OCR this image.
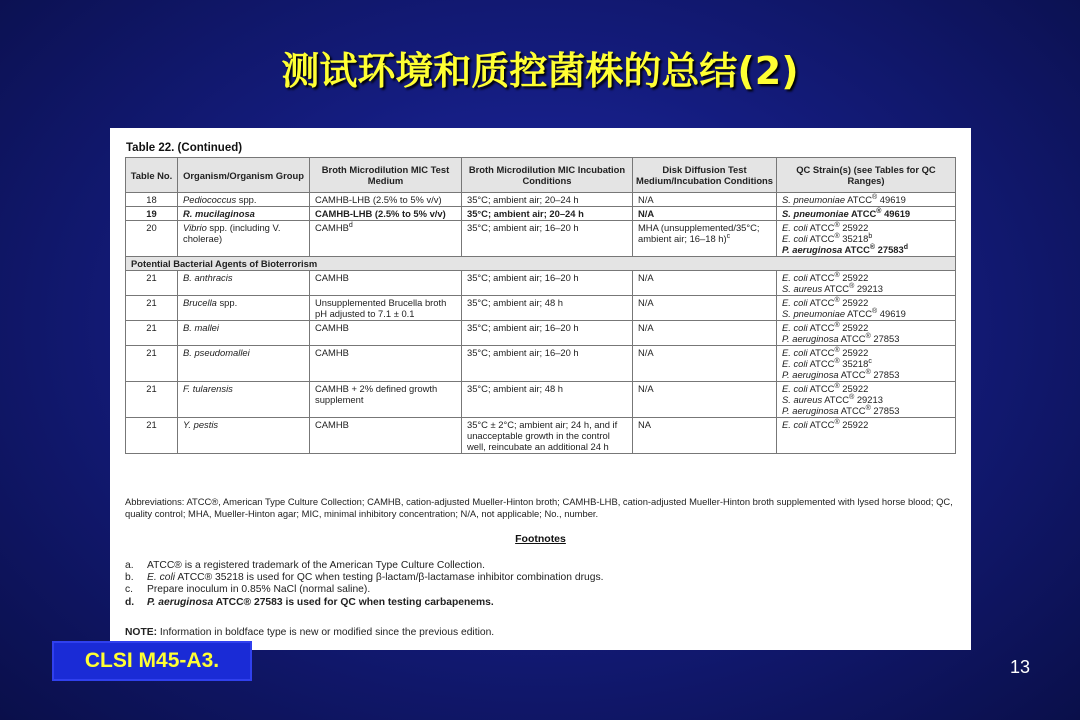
测试环境和质控菌株的总结(2)
Table 22. (Continued)
Table No.	Organism/Organism Group	Broth Microdilution MIC Test Medium	Broth Microdilution MIC Incubation Conditions	Disk Diffusion Test Medium/Incubation Conditions	QC Strain(s) (see Tables for QC Ranges)
18	Pediococcus spp.	CAMHB-LHB (2.5% to 5% v/v)	35°C; ambient air; 20–24 h	N/A	S. pneumoniae ATCC® 49619

19	R. mucilaginosa	CAMHB-LHB (2.5% to 5% v/v)	35°C; ambient air; 20–24 h	N/A	S. pneumoniae ATCC® 49619

20	Vibrio spp. (including V. cholerae)	CAMHB$^d$	35°C; ambient air; 16–20 h	MHA (unsupplemented/35°C; ambient air; 16–18 h)$^c$	E. coli ATCC® 25922
E. coli ATCC® 35218$^b$
P. aeruginosa ATCC® 27583$^d$

Potential Bacterial Agents of Bioterrorism					
21	B. anthracis	CAMHB	35°C; ambient air; 16–20 h	N/A	E. coli ATCC® 25922
S. aureus ATCC® 29213

21	Brucella spp.	Unsupplemented Brucella broth pH adjusted to 7.1 ± 0.1	35°C; ambient air; 48 h	N/A	E. coli ATCC® 25922
S. pneumoniae ATCC® 49619

21	B. mallei	CAMHB	35°C; ambient air; 16–20 h	N/A	E. coli ATCC® 25922
P. aeruginosa ATCC® 27853

21	B. pseudomallei	CAMHB	35°C; ambient air; 16–20 h	N/A	E. coli ATCC® 25922
E. coli ATCC® 35218$^c$
P. aeruginosa ATCC® 27853

21	F. tularensis	CAMHB + 2% defined growth supplement	35°C; ambient air; 48 h	N/A	E. coli ATCC® 25922
S. aureus ATCC® 29213
P. aeruginosa ATCC® 27853

21	Y. pestis	CAMHB	35°C ± 2°C; ambient air; 24 h, and if unacceptable growth in the control well, reincubate an additional 24 h	NA	E. coli ATCC® 25922
Abbreviations: ATCC®, American Type Culture Collection; CAMHB, cation-adjusted Mueller-Hinton broth; CAMHB-LHB, cation-adjusted Mueller-Hinton broth supplemented with lysed horse blood; QC, quality control; MHA, Mueller-Hinton agar; MIC, minimal inhibitory concentration; N/A, not applicable; No., number.
Footnotes
a. ATCC® is a registered trademark of the American Type Culture Collection.
b. E. coli ATCC® 35218 is used for QC when testing β-lactam/β-lactamase inhibitor combination drugs.
c. Prepare inoculum in 0.85% NaCl (normal saline).
d. P. aeruginosa ATCC® 27583 is used for QC when testing carbapenems.
NOTE: Information in boldface type is new or modified since the previous edition.
CLSI M45-A3.	13
